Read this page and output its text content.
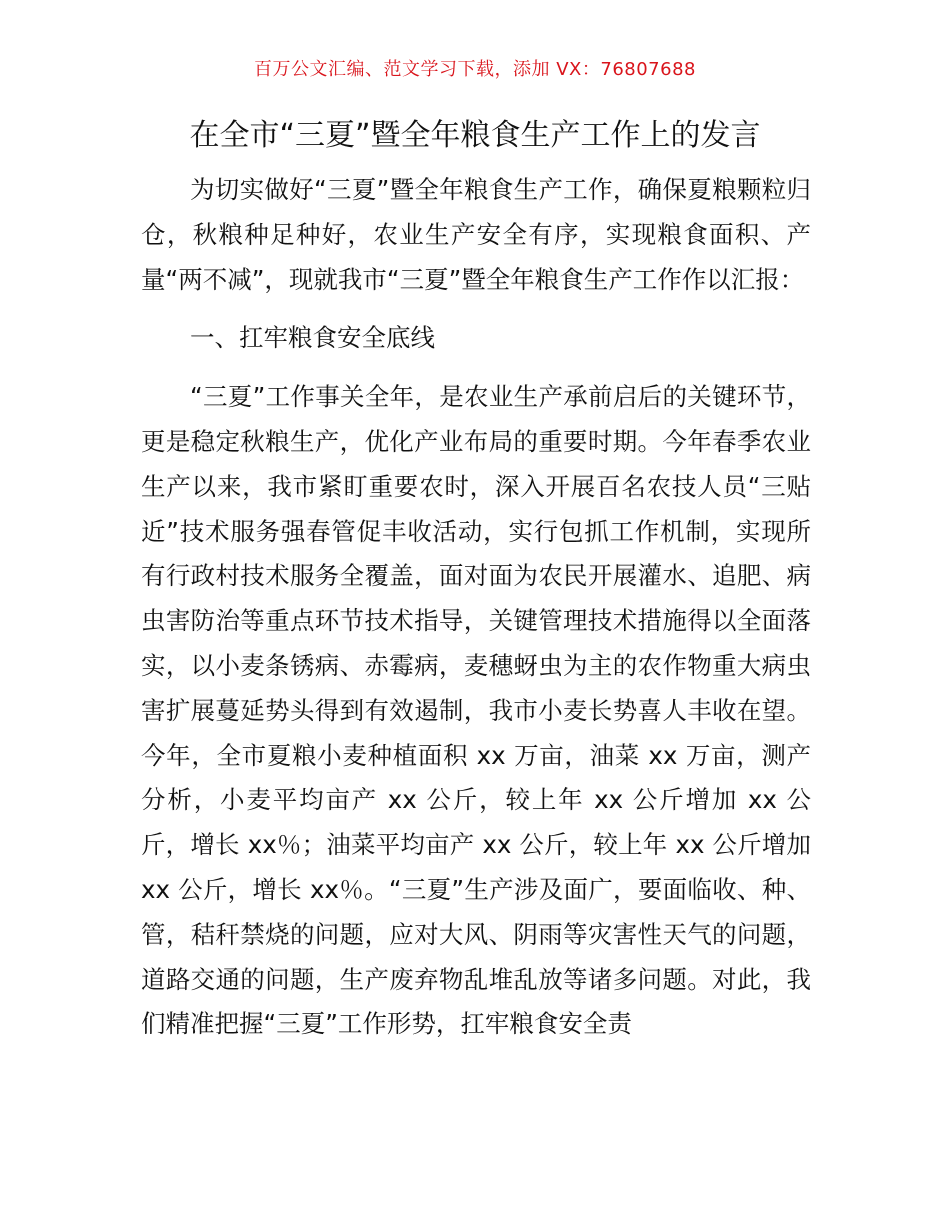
百万公文汇编、范文学习下载，添加 VX：76807688
在全市“三夏”暨全年粮食生产工作上的发言

为切实做好“三夏”暨全年粮食生产工作，确保夏粮颗粒归仓，秋粮种足种好，农业生产安全有序，实现粮食面积、产量“两不减”，现就我市“三夏”暨全年粮食生产工作作以汇报：

一、扛牢粮食安全底线

“三夏”工作事关全年，是农业生产承前启后的关键环节，更是稳定秋粮生产，优化产业布局的重要时期。今年春季农业生产以来，我市紧盯重要农时，深入开展百名农技人员“三贴近”技术服务强春管促丰收活动，实行包抓工作机制，实现所有行政村技术服务全覆盖，面对面为农民开展灌水、追肥、病虫害防治等重点环节技术指导，关键管理技术措施得以全面落实，以小麦条锈病、赤霉病，麦穗蚜虫为主的农作物重大病虫害扩展蔓延势头得到有效遏制，我市小麦长势喜人丰收在望。今年，全市夏粮小麦种植面积 xx 万亩，油菜 xx 万亩，测产分析，小麦平均亩产 xx 公斤，较上年 xx 公斤增加 xx 公斤，增长 xx％；油菜平均亩产 xx 公斤，较上年 xx 公斤增加 xx 公斤，增长 xx％。“三夏”生产涉及面广，要面临收、种、管，秸秆禁烧的问题，应对大风、阴雨等灾害性天气的问题，道路交通的问题，生产废弃物乱堆乱放等诸多问题。对此，我们精准把握“三夏”工作形势，扛牢粮食安全责
